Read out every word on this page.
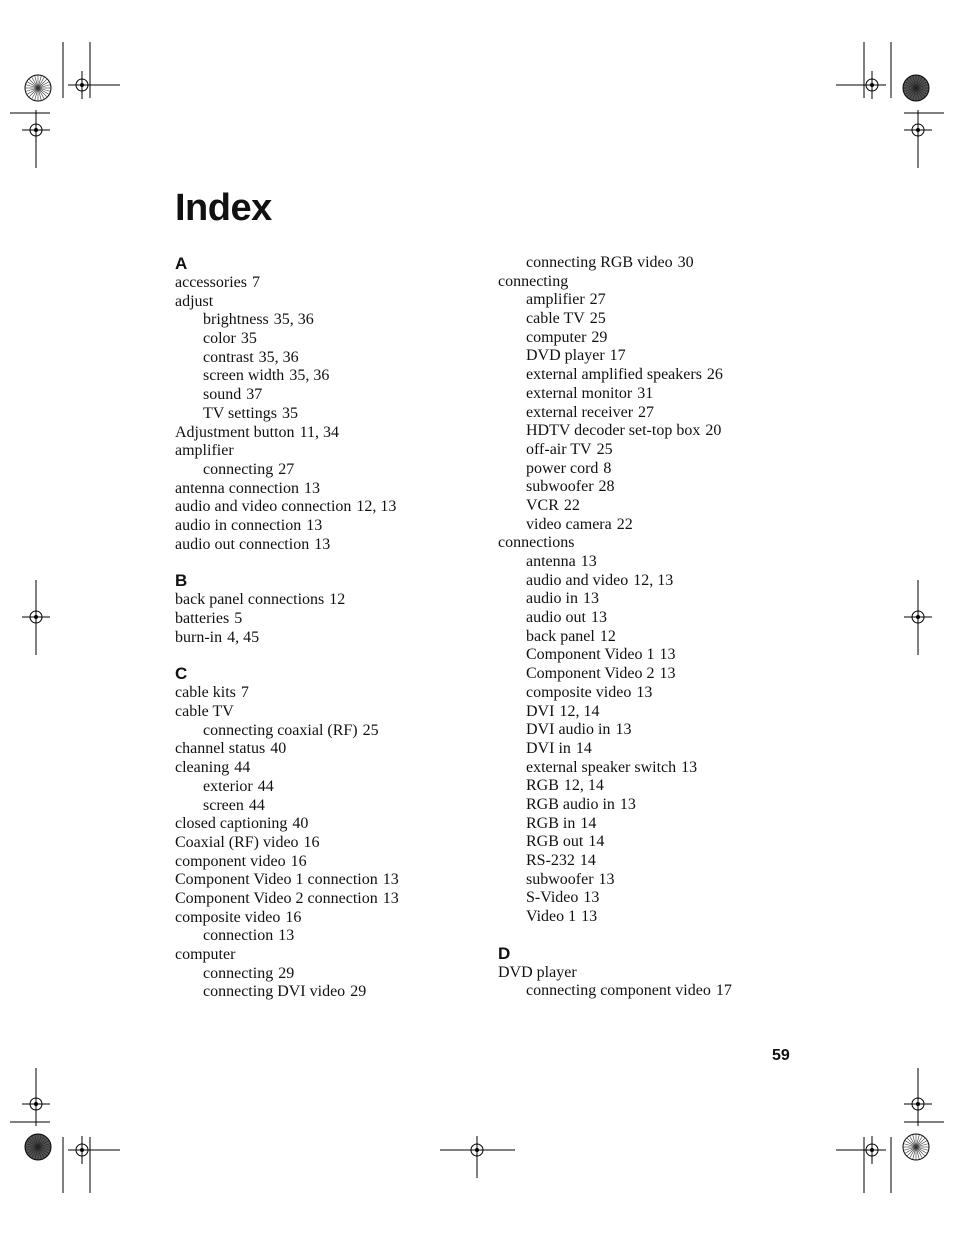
Index
A
accessories 7
adjust
brightness 35, 36
color 35
contrast 35, 36
screen width 35, 36
sound 37
TV settings 35
Adjustment button 11, 34
amplifier
connecting 27
antenna connection 13
audio and video connection 12, 13
audio in connection 13
audio out connection 13
B
back panel connections 12
batteries 5
burn-in 4, 45
C
cable kits 7
cable TV
connecting coaxial (RF) 25
channel status 40
cleaning 44
exterior 44
screen 44
closed captioning 40
Coaxial (RF) video 16
component video 16
Component Video 1 connection 13
Component Video 2 connection 13
composite video 16
connection 13
computer
connecting 29
connecting DVI video 29
connecting RGB video 30
connecting
amplifier 27
cable TV 25
computer 29
DVD player 17
external amplified speakers 26
external monitor 31
external receiver 27
HDTV decoder set-top box 20
off-air TV 25
power cord 8
subwoofer 28
VCR 22
video camera 22
connections
antenna 13
audio and video 12, 13
audio in 13
audio out 13
back panel 12
Component Video 1 13
Component Video 2 13
composite video 13
DVI 12, 14
DVI audio in 13
DVI in 14
external speaker switch 13
RGB 12, 14
RGB audio in 13
RGB in 14
RGB out 14
RS-232 14
subwoofer 13
S-Video 13
Video 1 13
D
DVD player
connecting component video 17
59
